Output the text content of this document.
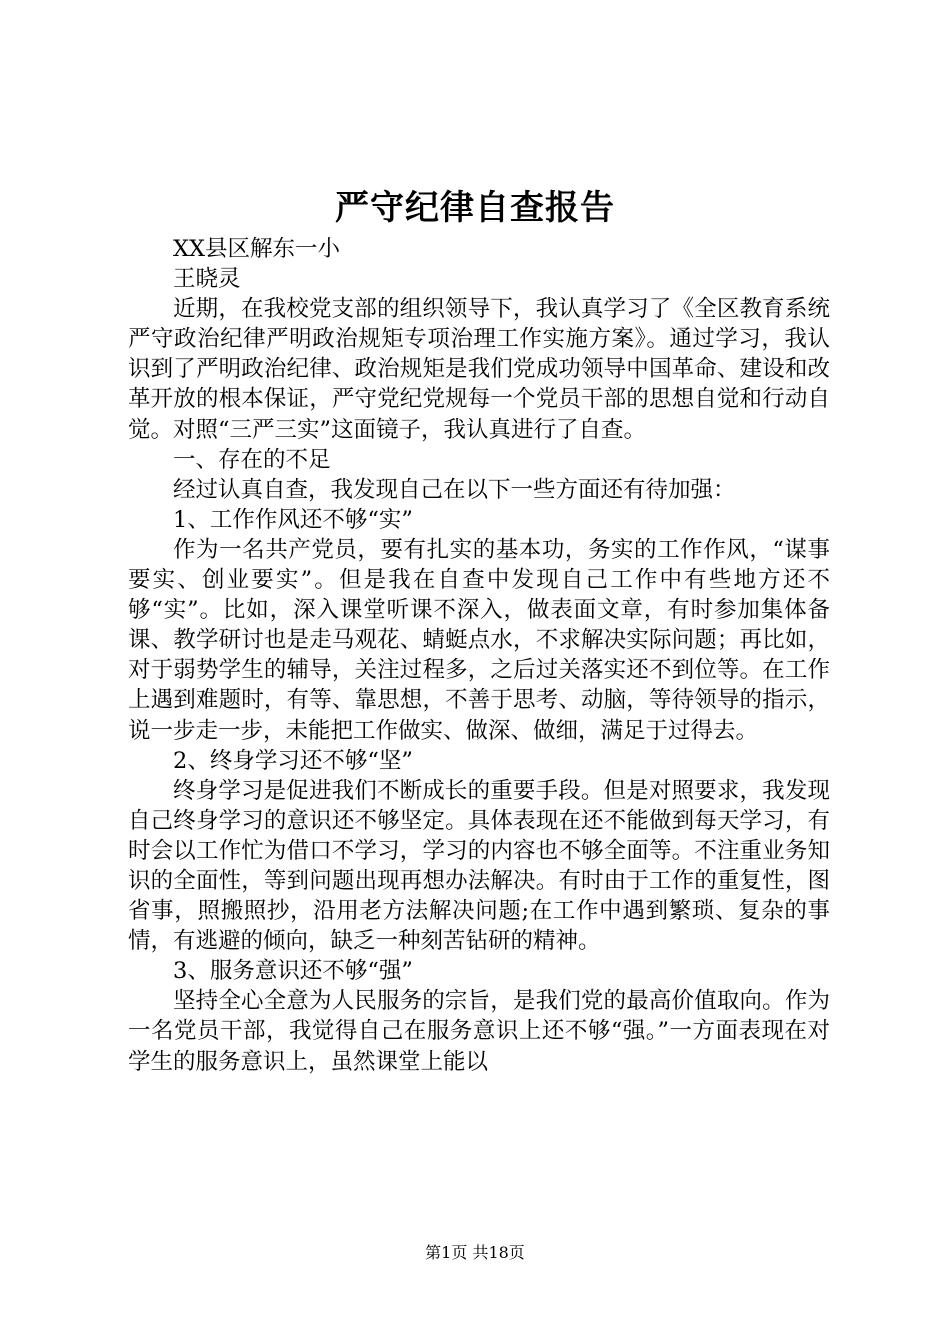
严守纪律自查报告

XX县区解东一小

王晓灵

近期，在我校党支部的组织领导下，我认真学习了《全区教育系统严守政治纪律严明政治规矩专项治理工作实施方案》。通过学习，我认识到了严明政治纪律、政治规矩是我们党成功领导中国革命、建设和改革开放的根本保证，严守党纪党规每一个党员干部的思想自觉和行动自觉。对照“三严三实”这面镜子，我认真进行了自查。

一、存在的不足

经过认真自查，我发现自己在以下一些方面还有待加强：

1、工作作风还不够“实”

作为一名共产党员，要有扎实的基本功，务实的工作作风，“谋事要实、创业要实”。但是我在自查中发现自己工作中有些地方还不够“实”。比如，深入课堂听课不深入，做表面文章，有时参加集体备课、教学研讨也是走马观花、蜻蜓点水，不求解决实际问题；再比如，对于弱势学生的辅导，关注过程多，之后过关落实还不到位等。在工作上遇到难题时，有等、靠思想，不善于思考、动脑，等待领导的指示，说一步走一步，未能把工作做实、做深、做细，满足于过得去。

2、终身学习还不够“坚”

终身学习是促进我们不断成长的重要手段。但是对照要求，我发现自己终身学习的意识还不够坚定。具体表现在还不能做到每天学习，有时会以工作忙为借口不学习，学习的内容也不够全面等。不注重业务知识的全面性，等到问题出现再想办法解决。有时由于工作的重复性，图省事，照搬照抄，沿用老方法解决问题;在工作中遇到繁琐、复杂的事情，有逃避的倾向，缺乏一种刻苦钻研的精神。

3、服务意识还不够“强”

坚持全心全意为人民服务的宗旨，是我们党的最高价值取向。作为一名党员干部，我觉得自己在服务意识上还不够“强。”一方面表现在对学生的服务意识上，虽然课堂上能以

第1页 共18页
